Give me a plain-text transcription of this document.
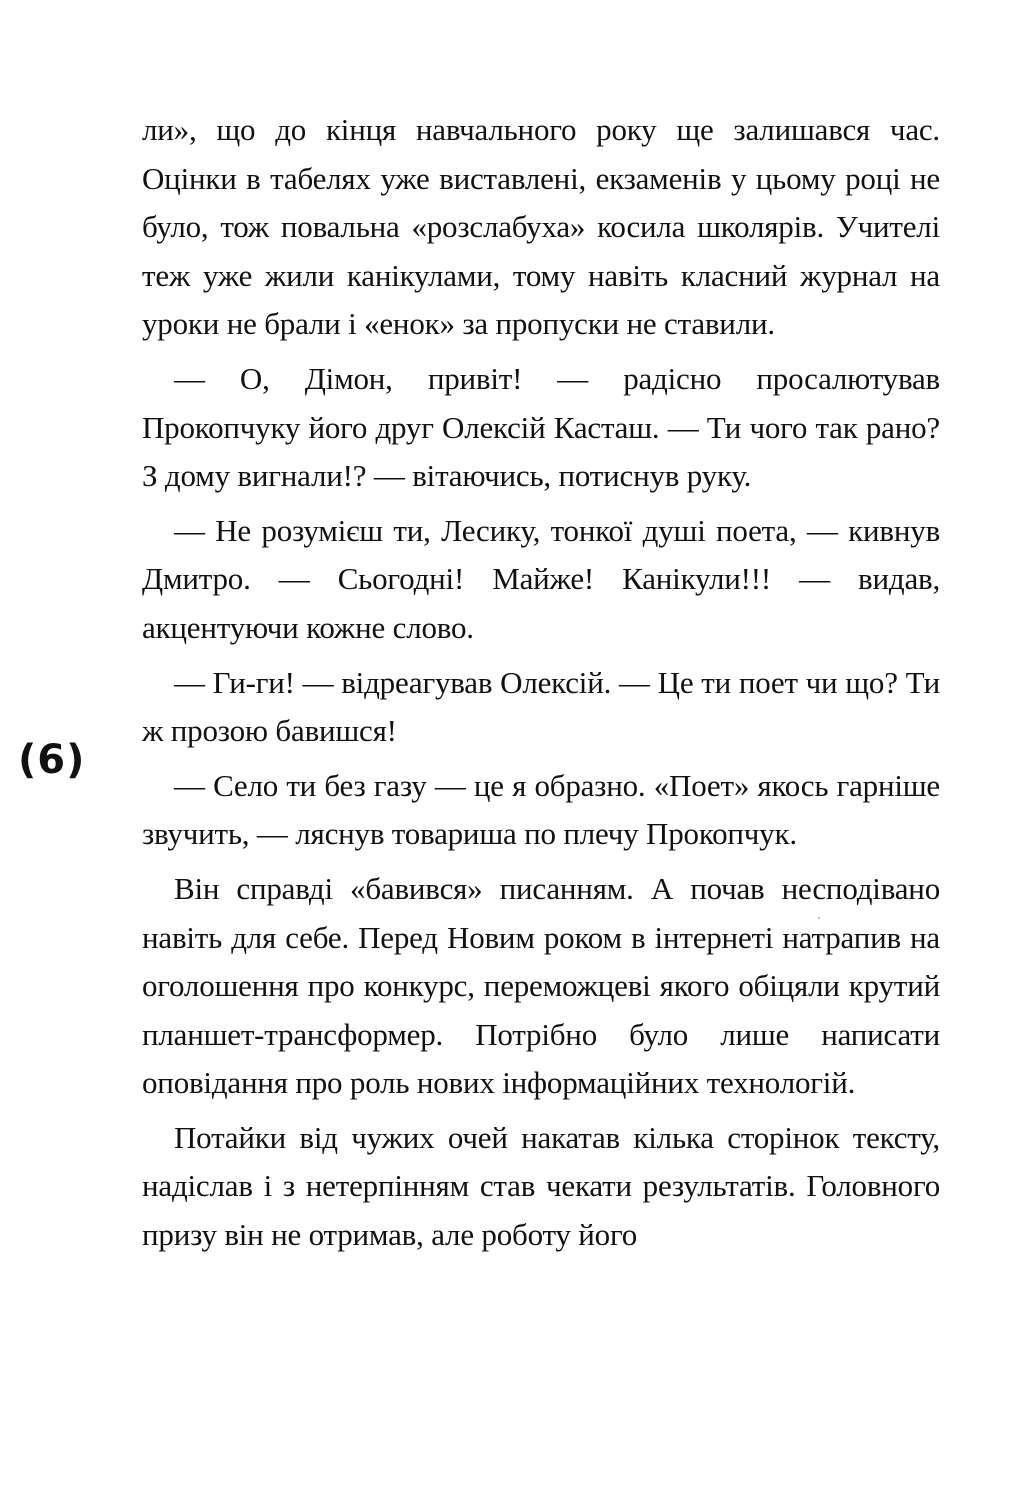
ли», що до кінця навчального року ще залишався час. Оцінки в табелях уже виставлені, екзаменів у цьому році не було, тож повальна «розслабуха» косила школярів. Учителі теж уже жили канікулами, тому навіть класний журнал на уроки не брали і «енок» за пропуски не ставили.

— О, Дімон, привіт! — радісно просалютував Прокопчуку його друг Олексій Касташ. — Ти чого так рано? З дому вигнали!? — вітаючись, потиснув руку.

— Не розумієш ти, Лесику, тонкої душі поета, — кивнув Дмитро. — Сьогодні! Майже! Канікули!!! — видав, акцентуючи кожне слово.

— Ги-ги! — відреагував Олексій. — Це ти поет чи що? Ти ж прозою бавишся!

— Село ти без газу — це я образно. «Поет» якось гарніше звучить, — ляснув товариша по плечу Прокопчук.

Він справді «бавився» писанням. А почав несподівано навіть для себе. Перед Новим роком в інтернеті натрапив на оголошення про конкурс, переможцеві якого обіцяли крутий планшет-трансформер. Потрібно було лише написати оповідання про роль нових інформаційних технологій.

Потайки від чужих очей накатав кілька сторінок тексту, надіслав і з нетерпінням став чекати результатів. Головного призу він не отримав, але роботу його

(6)
